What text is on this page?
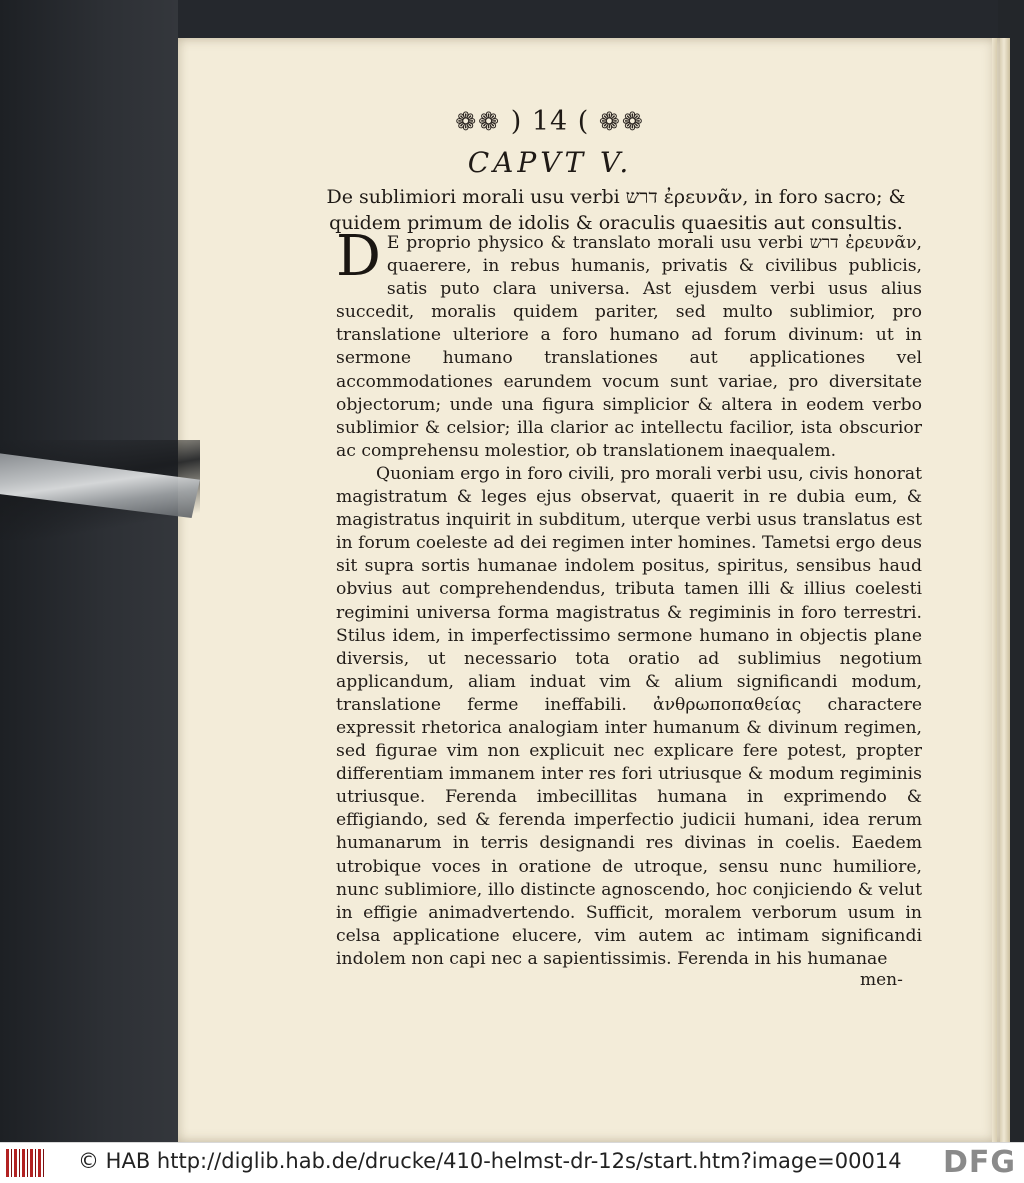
❁❁ ) 14 ( ❁❁
CAPVT V.
De sublimiori morali usu verbi דרש ἐρευνᾶν, in foro sacro; & quidem primum de idolis & oraculis quaesitis aut consultis.

D E proprio physico & translato morali usu verbi דרש ἐρευνᾶν, quaerere, in rebus humanis, privatis & civilibus publicis, satis puto clara universa. Ast ejusdem verbi usus alius succedit, moralis quidem pariter, sed multo sublimior, pro translatione ulteriore a foro humano ad forum divinum: ut in sermone humano translationes aut applicationes vel accommodationes earundem vocum sunt variae, pro diversitate objectorum; unde una figura simplicior & altera in eodem verbo sublimior & celsior; illa clarior ac intellectu facilior, ista obscurior ac comprehensu molestior, ob translationem inaequalem.

Quoniam ergo in foro civili, pro morali verbi usu, civis honorat magistratum & leges ejus observat, quaerit in re dubia eum, & magistratus inquirit in subditum, uterque verbi usus translatus est in forum coeleste ad dei regimen inter homines. Tametsi ergo deus sit supra sortis humanae indolem positus, spiritus, sensibus haud obvius aut comprehendendus, tributa tamen illi & illius coelesti regimini universa forma magistratus & regiminis in foro terrestri. Stilus idem, in imperfectissimo sermone humano in objectis plane diversis, ut necessario tota oratio ad sublimius negotium applicandum, aliam induat vim & alium significandi modum, translatione ferme ineffabili. ἀνθρωποπαθείας charactere expressit rhetorica analogiam inter humanum & divinum regimen, sed figurae vim non explicuit nec explicare fere potest, propter differentiam immanem inter res fori utriusque & modum regiminis utriusque. Ferenda imbecillitas humana in exprimendo & effigiando, sed & ferenda imperfectio judicii humani, idea rerum humanarum in terris designandi res divinas in coelis. Eaedem utrobique voces in oratione de utroque, sensu nunc humiliore, nunc sublimiore, illo distincte agnoscendo, hoc conjiciendo & velut in effigie animadvertendo. Sufficit, moralem verborum usum in celsa applicatione elucere, vim autem ac intimam significandi indolem non capi nec a sapientissimis. Ferenda in his humanae

men-
© HAB http://diglib.hab.de/drucke/410-helmst-dr-12s/start.htm?image=00014 DFG
